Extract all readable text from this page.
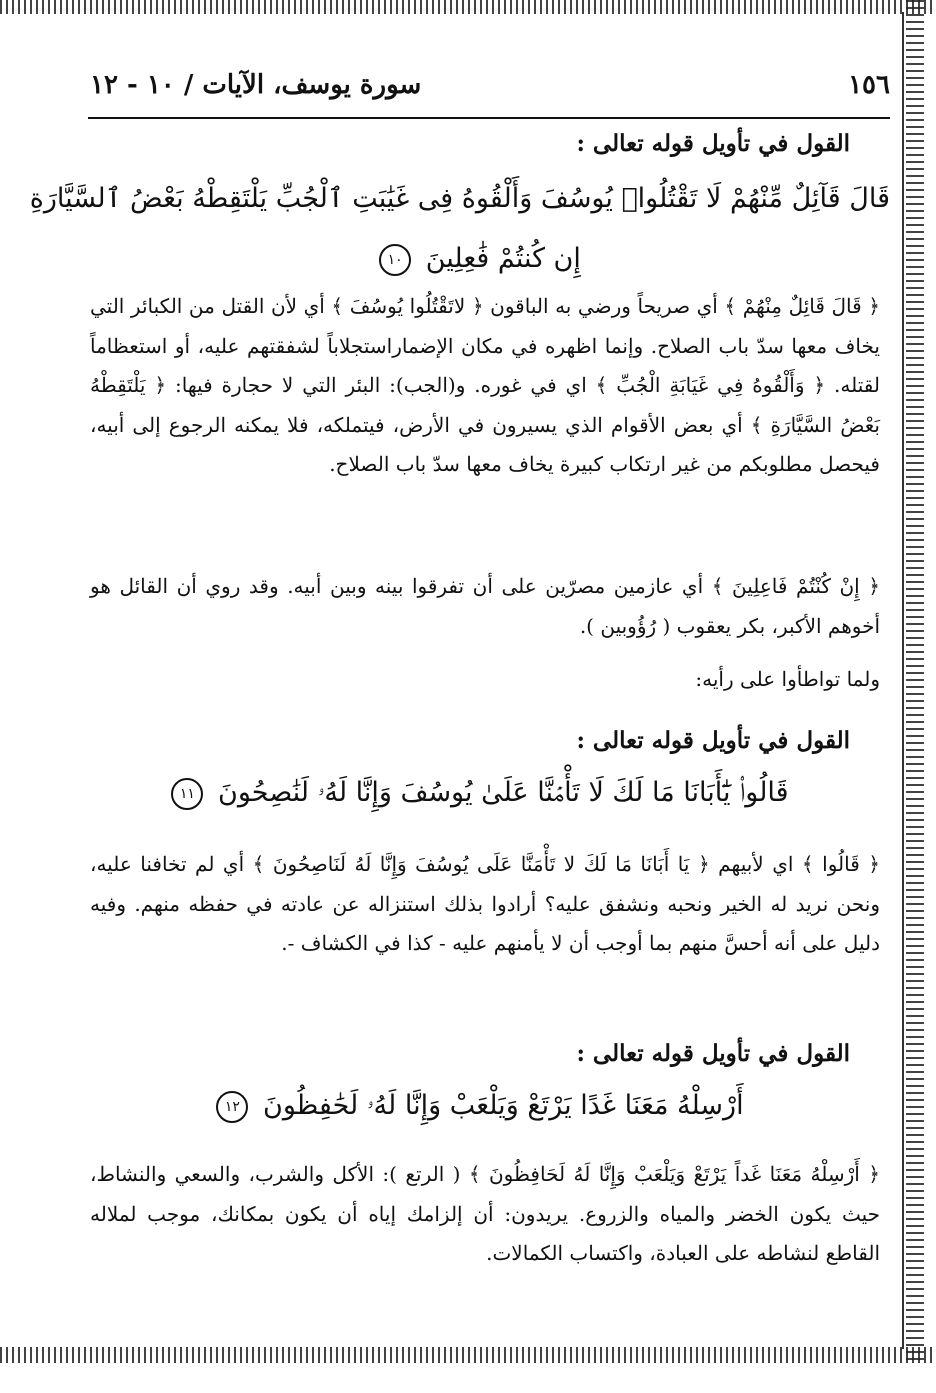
١٥٦
سورة يوسف، الآيات / ١٠ - ١٢
القول في تأويل قوله تعالى :
قَالَ قَآئِلٌ مِّنْهُمْ لَا تَقْتُلُوا۟ يُوسُفَ وَأَلْقُوهُ فِى غَيَٰبَتِ ٱلْجُبِّ يَلْتَقِطْهُ بَعْضُ ٱلسَّيَّارَةِ
إِن كُنتُمْ فَٰعِلِينَ ١٠
﴿ قَالَ قَائِلٌ مِنْهُمْ ﴾ أي صريحاً ورضي به الباقون ﴿ لاتَقْتُلُوا يُوسُفَ ﴾ أي لأن القتل من الكبائر التي يخاف معها سدّ باب الصلاح. وإنما اظهره في مكان الإضماراستجلاباً لشفقتهم عليه، أو استعظاماً لقتله. ﴿ وَأَلْقُوهُ فِي غَيَابَةِ الْجُبِّ ﴾ اي في غوره. و(الجب): البئر التي لا حجارة فيها: ﴿ يَلْتَقِطْهُ بَعْضُ السَّيَّارَةِ ﴾ أي بعض الأقوام الذي يسيرون في الأرض، فيتملكه، فلا يمكنه الرجوع إلى أبيه، فيحصل مطلوبكم من غير ارتكاب كبيرة يخاف معها سدّ باب الصلاح.
﴿ إِنْ كُنْتُمْ فَاعِلِينَ ﴾ أي عازمين مصرّين على أن تفرقوا بينه وبين أبيه. وقد روي أن القائل هو أخوهم الأكبر، بكر يعقوب ( رُؤُوبين ).
ولما تواطأوا على رأيه:
القول في تأويل قوله تعالى :
قَالُوا۟ يَٰٓأَبَانَا مَا لَكَ لَا تَأْمَ۬نَّا عَلَىٰ يُوسُفَ وَإِنَّا لَهُۥ لَنَٰصِحُونَ ١١
﴿ قَالُوا ﴾ اي لأبيهم ﴿ يَا أَبَانَا مَا لَكَ لا تَأْمَنَّا عَلَى يُوسُفَ وَإِنَّا لَهُ لَنَاصِحُونَ ﴾ أي لم تخافنا عليه، ونحن نريد له الخير ونحبه ونشفق عليه؟ أرادوا بذلك استنزاله عن عادته في حفظه منهم. وفيه دليل على أنه أحسَّ منهم بما أوجب أن لا يأمنهم عليه - كذا في الكشاف -.
القول في تأويل قوله تعالى :
أَرْسِلْهُ مَعَنَا غَدًا يَرْتَعْ وَيَلْعَبْ وَإِنَّا لَهُۥ لَحَٰفِظُونَ ١٢
﴿ أَرْسِلْهُ مَعَنَا غَداً يَرْتَعْ وَيَلْعَبْ وَإِنَّا لَهُ لَحَافِظُونَ ﴾ ( الرتع ): الأكل والشرب، والسعي والنشاط، حيث يكون الخضر والمياه والزروع. يريدون: أن إلزامك إياه أن يكون بمكانك، موجب لملاله القاطع لنشاطه على العبادة، واكتساب الكمالات.
